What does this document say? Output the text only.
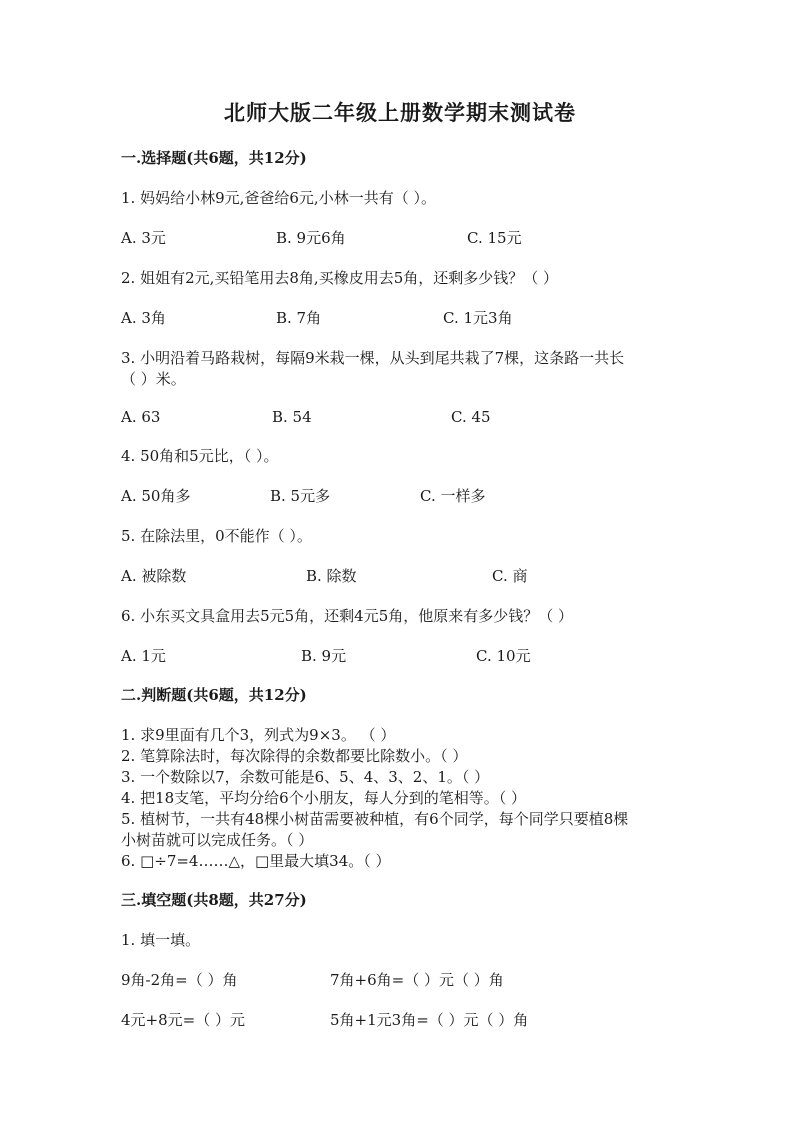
北师大版二年级上册数学期末测试卷
一.选择题(共6题，共12分)
1. 妈妈给小林9元,爸爸给6元,小林一共有（ ）。
A. 3元	B. 9元6角	C. 15元
2. 姐姐有2元,买铅笔用去8角,买橡皮用去5角，还剩多少钱？（ ）
A. 3角	B. 7角	C. 1元3角
3. 小明沿着马路栽树，每隔9米栽一棵，从头到尾共栽了7棵，这条路一共长
（ ）米。
A. 63	B. 54	C. 45
4. 50角和5元比，（ ）。
A. 50角多	B. 5元多	C. 一样多
5. 在除法里，0不能作（ ）。
A. 被除数	B. 除数	C. 商
6. 小东买文具盒用去5元5角，还剩4元5角，他原来有多少钱？（ ）
A. 1元	B. 9元	C. 10元
二.判断题(共6题，共12分)
1. 求9里面有几个3，列式为9×3。 （ ）
2. 笔算除法时，每次除得的余数都要比除数小。（ ）
3. 一个数除以7，余数可能是6、5、4、3、2、1。（ ）
4. 把18支笔，平均分给6个小朋友，每人分到的笔相等。（ ）
5. 植树节，一共有48棵小树苗需要被种植，有6个同学，每个同学只要植8棵
小树苗就可以完成任务。（ ）
6. □÷7=4……△，□里最大填34。（ ）
三.填空题(共8题，共27分)
1. 填一填。
9角-2角=（ ）角	7角+6角=（ ）元（ ）角
4元+8元=（ ）元	5角+1元3角=（ ）元（ ）角
